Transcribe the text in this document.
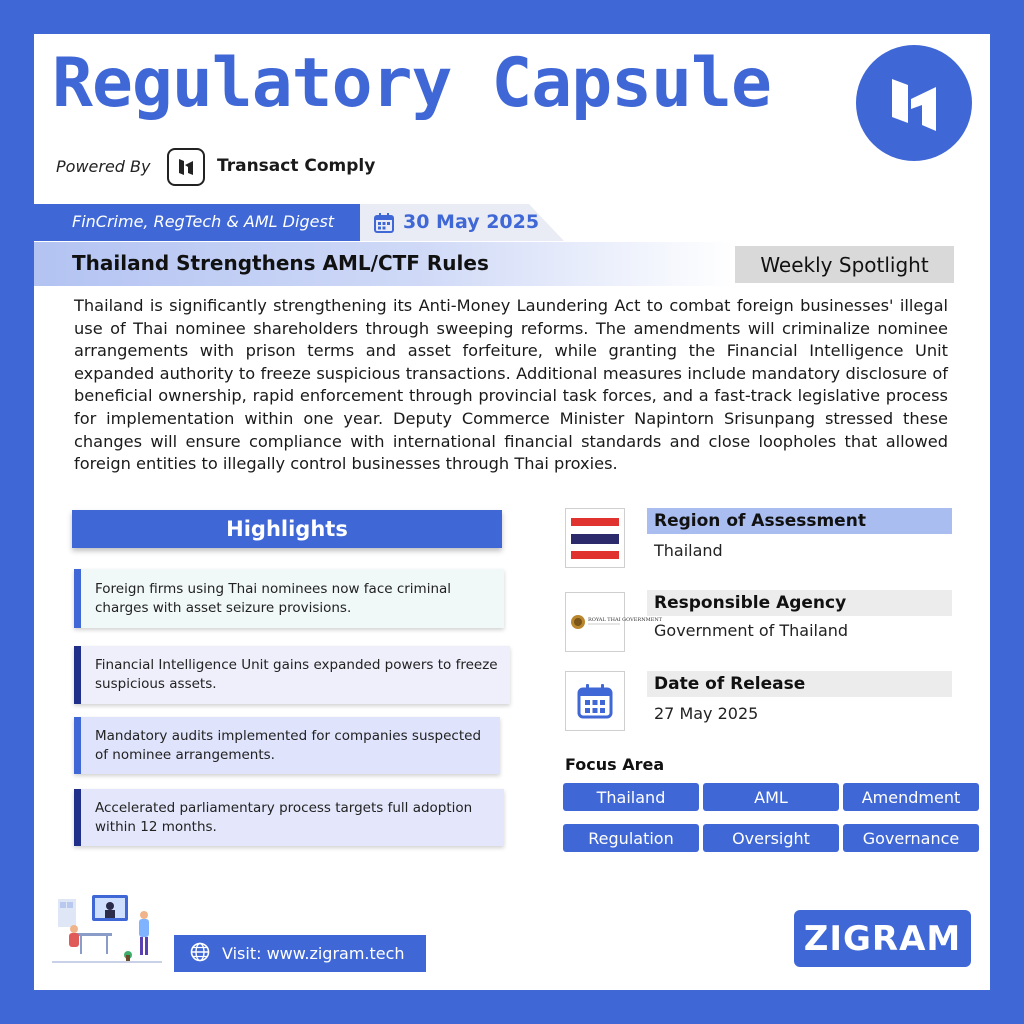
Regulatory Capsule
Powered By	Transact Comply
FinCrime, RegTech & AML Digest	30 May 2025
Thailand Strengthens AML/CTF Rules	Weekly Spotlight
Thailand is significantly strengthening its Anti-Money Laundering Act to combat foreign businesses' illegal use of Thai nominee shareholders through sweeping reforms. The amendments will criminalize nominee arrangements with prison terms and asset forfeiture, while granting the Financial Intelligence Unit expanded authority to freeze suspicious transactions. Additional measures include mandatory disclosure of beneficial ownership, rapid enforcement through provincial task forces, and a fast-track legislative process for implementation within one year. Deputy Commerce Minister Napintorn Srisunpang stressed these changes will ensure compliance with international financial standards and close loopholes that allowed foreign entities to illegally control businesses through Thai proxies.
Highlights
Foreign firms using Thai nominees now face criminal charges with asset seizure provisions.
Financial Intelligence Unit gains expanded powers to freeze suspicious assets.
Mandatory audits implemented for companies suspected of nominee arrangements.
Accelerated parliamentary process targets full adoption within 12 months.
Region of Assessment
Thailand
ROYAL THAI GOVERNMENT
Responsible Agency
Government of Thailand
Date of Release
27 May 2025
Focus Area
Thailand	AML	Amendment
Regulation	Oversight	Governance
Visit: www.zigram.tech	ZIGRAM
